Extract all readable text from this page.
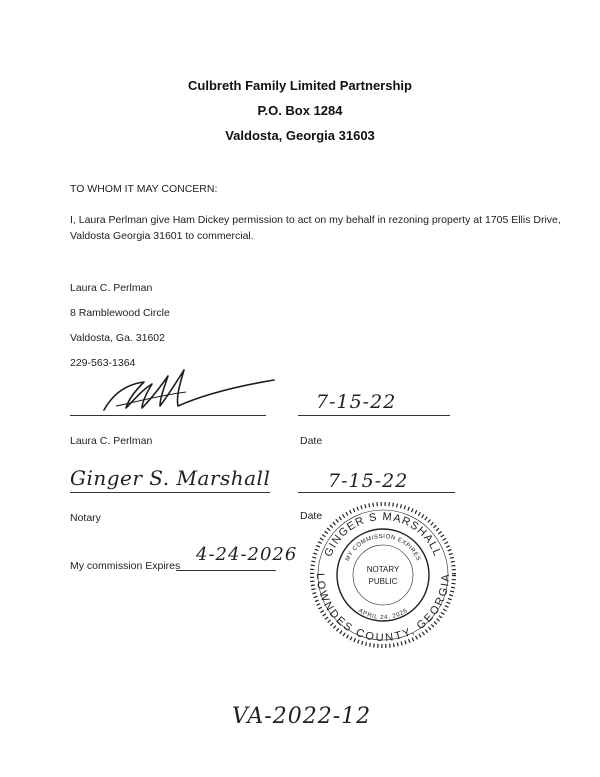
Culbreth Family Limited Partnership
P.O. Box 1284
Valdosta, Georgia 31603
TO WHOM IT MAY CONCERN:
I, Laura Perlman give Ham Dickey permission to act on my behalf in rezoning property at 1705 Ellis Drive,
Valdosta Georgia 31601 to commercial.
Laura C. Perlman
8 Ramblewood Circle
Valdosta, Ga. 31602
229-563-1364
Laura C. Perlman
7-15-22
Date
Ginger S. Marshall
Notary
7-15-22
Date
My commission Expires
4-24-2026 GINGER S MARSHALL
LOWNDES COUNTY, GEORGIA
MY COMMISSION EXPIRES
APRIL 24, 2026
NOTARY
PUBLIC
VA-2022-12
